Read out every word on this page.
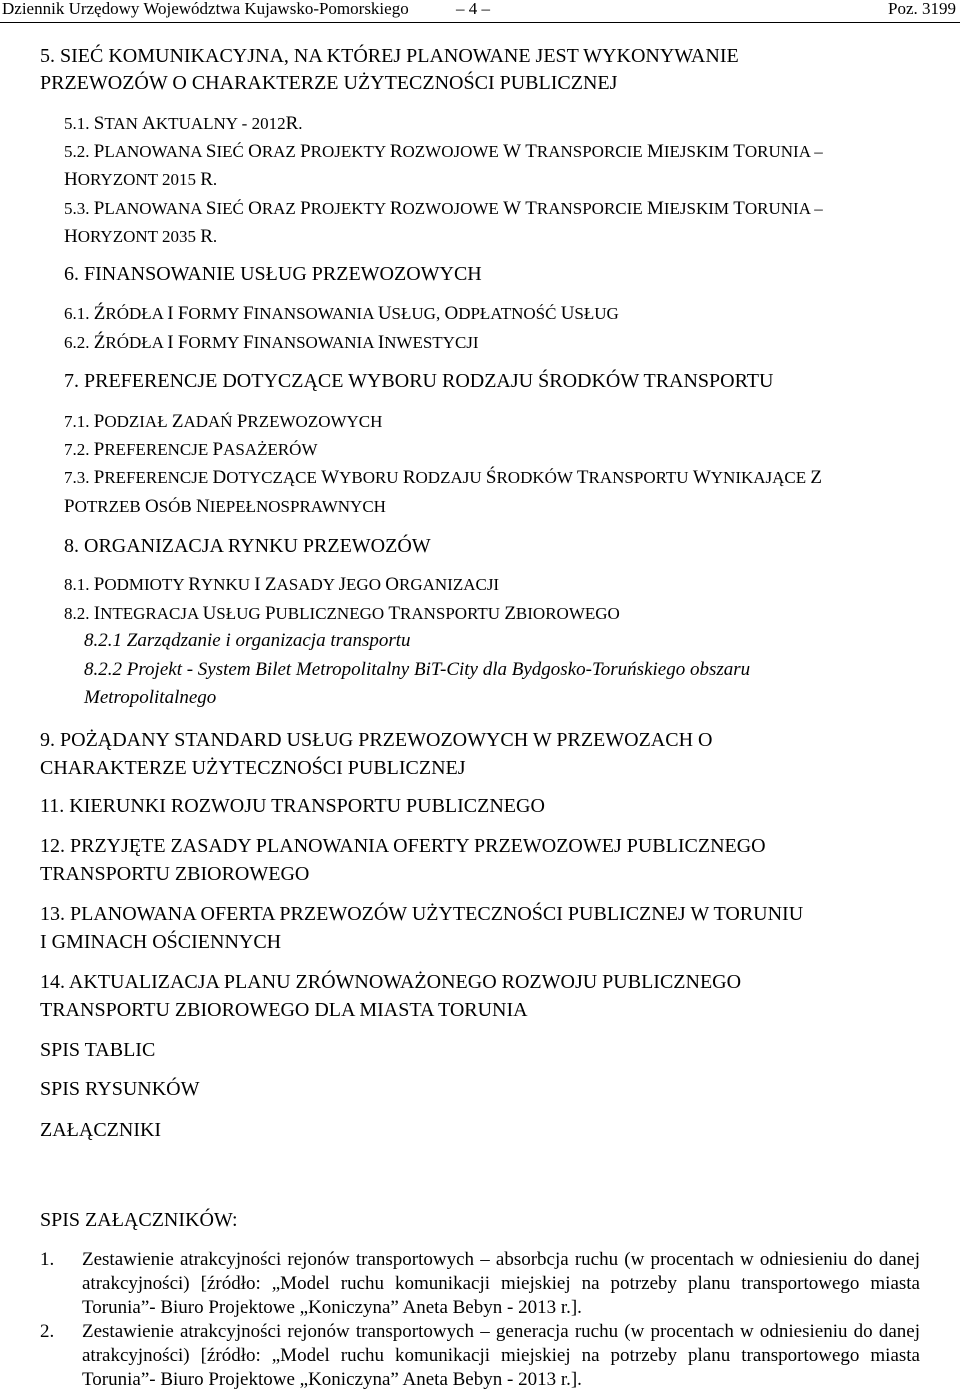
Dziennik Urzędowy Województwa Kujawsko-Pomorskiego	– 4 –	Poz. 3199
5. SIEĆ KOMUNIKACYJNA, NA KTÓREJ PLANOWANE JEST WYKONYWANIE
PRZEWOZÓW O CHARAKTERZE UŻYTECZNOŚCI PUBLICZNEJ
5.1. STAN AKTUALNY - 2012R.
5.2. PLANOWANA SIEĆ ORAZ PROJEKTY ROZWOJOWE W TRANSPORCIE MIEJSKIM TORUNIA –
HORYZONT 2015 R.
5.3. PLANOWANA SIEĆ ORAZ PROJEKTY ROZWOJOWE W TRANSPORCIE MIEJSKIM TORUNIA –
HORYZONT 2035 R.
6. FINANSOWANIE USŁUG PRZEWOZOWYCH
6.1. ŹRÓDŁA I FORMY FINANSOWANIA USŁUG, ODPŁATNOŚĆ USŁUG
6.2. ŹRÓDŁA I FORMY FINANSOWANIA INWESTYCJI
7. PREFERENCJE DOTYCZĄCE WYBORU RODZAJU ŚRODKÓW TRANSPORTU
7.1. PODZIAŁ ZADAŃ PRZEWOZOWYCH
7.2. PREFERENCJE PASAŻERÓW
7.3. PREFERENCJE DOTYCZĄCE WYBORU RODZAJU ŚRODKÓW TRANSPORTU WYNIKAJĄCE Z
POTRZEB OSÓB NIEPEŁNOSPRAWNYCH
8. ORGANIZACJA RYNKU PRZEWOZÓW
8.1. PODMIOTY RYNKU I ZASADY JEGO ORGANIZACJI
8.2. INTEGRACJA USŁUG PUBLICZNEGO TRANSPORTU ZBIOROWEGO
8.2.1 Zarządzanie i organizacja transportu
8.2.2 Projekt - System Bilet Metropolitalny BiT-City dla Bydgosko-Toruńskiego obszaru
Metropolitalnego
9. POŻĄDANY STANDARD USŁUG PRZEWOZOWYCH W PRZEWOZACH O
CHARAKTERZE UŻYTECZNOŚCI PUBLICZNEJ
11. KIERUNKI ROZWOJU TRANSPORTU PUBLICZNEGO
12. PRZYJĘTE ZASADY PLANOWANIA OFERTY PRZEWOZOWEJ PUBLICZNEGO
TRANSPORTU ZBIOROWEGO
13. PLANOWANA OFERTA PRZEWOZÓW UŻYTECZNOŚCI PUBLICZNEJ W TORUNIU
I GMINACH OŚCIENNYCH
14. AKTUALIZACJA PLANU ZRÓWNOWAŻONEGO ROZWOJU PUBLICZNEGO
TRANSPORTU ZBIOROWEGO DLA MIASTA TORUNIA
SPIS TABLIC
SPIS RYSUNKÓW
ZAŁĄCZNIKI
SPIS ZAŁĄCZNIKÓW:
1. Zestawienie atrakcyjności rejonów transportowych – absorbcja ruchu (w procentach w odniesieniu do danej atrakcyjności) [źródło: „Model ruchu komunikacji miejskiej na potrzeby planu transportowego miasta Torunia”- Biuro Projektowe „Koniczyna” Aneta Bebyn - 2013 r.].
2. Zestawienie atrakcyjności rejonów transportowych – generacja ruchu (w procentach w odniesieniu do danej atrakcyjności) [źródło: „Model ruchu komunikacji miejskiej na potrzeby planu transportowego miasta Torunia”- Biuro Projektowe „Koniczyna” Aneta Bebyn - 2013 r.].
